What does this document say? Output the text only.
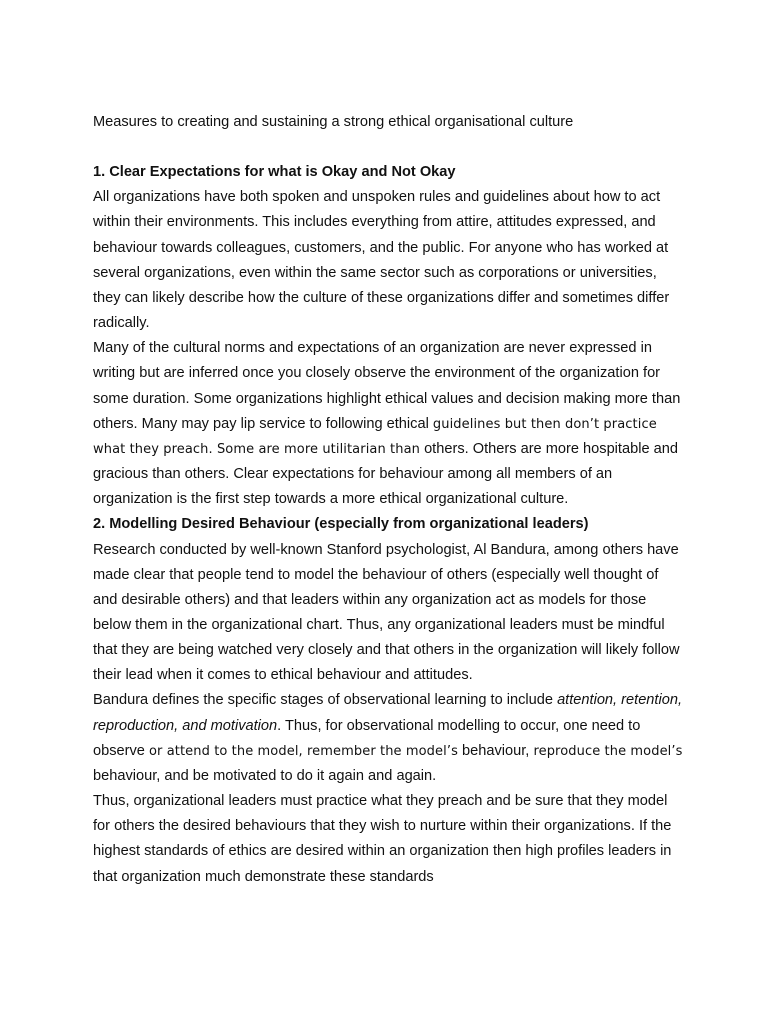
Measures to creating and sustaining a strong ethical organisational culture

1. Clear Expectations for what is Okay and Not Okay

All organizations have both spoken and unspoken rules and guidelines about how to act within their environments. This includes everything from attire, attitudes expressed, and behaviour towards colleagues, customers, and the public. For anyone who has worked at several organizations, even within the same sector such as corporations or universities, they can likely describe how the culture of these organizations differ and sometimes differ radically.

Many of the cultural norms and expectations of an organization are never expressed in writing but are inferred once you closely observe the environment of the organization for some duration. Some organizations highlight ethical values and decision making more than others. Many may pay lip service to following ethical guidelines but then don’t practice what they preach. Some are more utilitarian than others. Others are more hospitable and gracious than others. Clear expectations for behaviour among all members of an organization is the first step towards a more ethical organizational culture.

2. Modelling Desired Behaviour (especially from organizational leaders)

Research conducted by well-known Stanford psychologist, Al Bandura, among others have made clear that people tend to model the behaviour of others (especially well thought of and desirable others) and that leaders within any organization act as models for those below them in the organizational chart. Thus, any organizational leaders must be mindful that they are being watched very closely and that others in the organization will likely follow their lead when it comes to ethical behaviour and attitudes.

Bandura defines the specific stages of observational learning to include attention, retention, reproduction, and motivation. Thus, for observational modelling to occur, one need to observe or attend to the model, remember the model’s behaviour, reproduce the model’s behaviour, and be motivated to do it again and again.

Thus, organizational leaders must practice what they preach and be sure that they model for others the desired behaviours that they wish to nurture within their organizations. If the highest standards of ethics are desired within an organization then high profiles leaders in that organization much demonstrate these standards
